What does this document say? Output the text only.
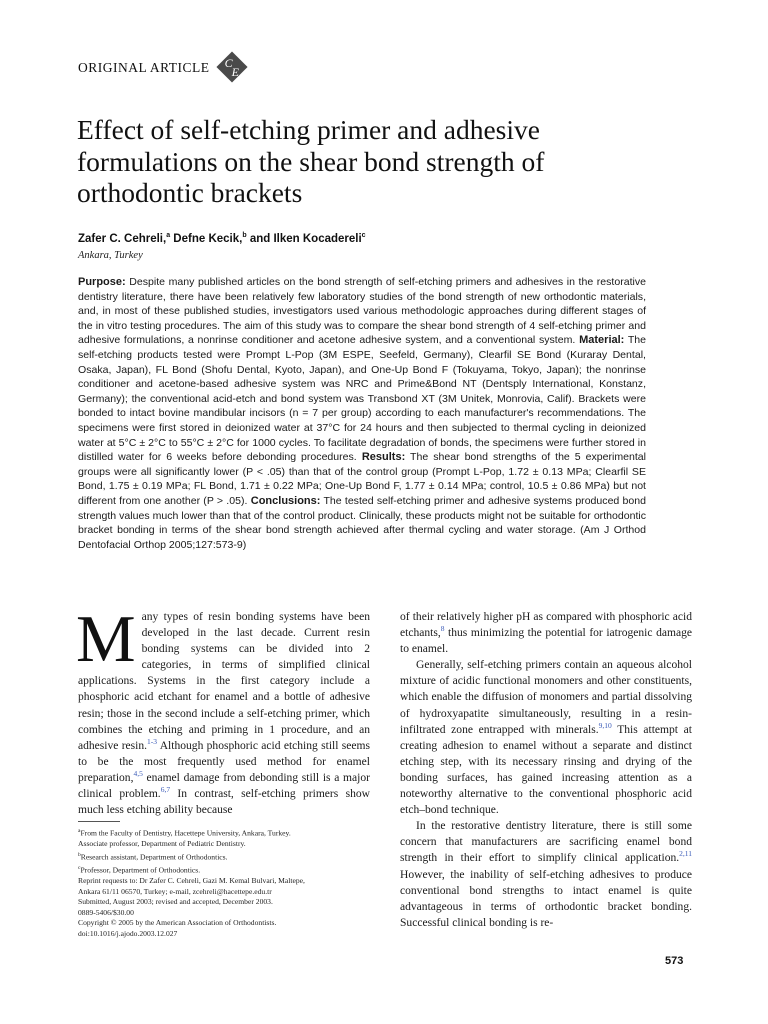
ORIGINAL ARTICLE C
E
Effect of self-etching primer and adhesive formulations on the shear bond strength of orthodontic brackets
Zafer C. Cehreli,$^a$ Defne Kecik,$^b$ and Ilken Kocadereli$^c$
Ankara, Turkey

Purpose: Despite many published articles on the bond strength of self-etching primers and adhesives in the restorative dentistry literature, there have been relatively few laboratory studies of the bond strength of new orthodontic materials, and, in most of these published studies, investigators used various methodologic approaches during different stages of the in vitro testing procedures. The aim of this study was to compare the shear bond strength of 4 self-etching primer and adhesive formulations, a nonrinse conditioner and acetone adhesive system, and a conventional system. Material: The self-etching products tested were Prompt L-Pop (3M ESPE, Seefeld, Germany), Clearfil SE Bond (Kuraray Dental, Osaka, Japan), FL Bond (Shofu Dental, Kyoto, Japan), and One-Up Bond F (Tokuyama, Tokyo, Japan); the nonrinse conditioner and acetone-based adhesive system was NRC and Prime&Bond NT (Dentsply International, Konstanz, Germany); the conventional acid-etch and bond system was Transbond XT (3M Unitek, Monrovia, Calif). Brackets were bonded to intact bovine mandibular incisors (n = 7 per group) according to each manufacturer's recommendations. The specimens were first stored in deionized water at 37°C for 24 hours and then subjected to thermal cycling in deionized water at 5°C ± 2°C to 55°C ± 2°C for 1000 cycles. To facilitate degradation of bonds, the specimens were further stored in distilled water for 6 weeks before debonding procedures. Results: The shear bond strengths of the 5 experimental groups were all significantly lower (P < .05) than that of the control group (Prompt L-Pop, 1.72 ± 0.13 MPa; Clearfil SE Bond, 1.75 ± 0.19 MPa; FL Bond, 1.71 ± 0.22 MPa; One-Up Bond F, 1.77 ± 0.14 MPa; control, 10.5 ± 0.86 MPa) but not different from one another (P > .05). Conclusions: The tested self-etching primer and adhesive systems produced bond strength values much lower than that of the control product. Clinically, these products might not be suitable for orthodontic bracket bonding in terms of the shear bond strength achieved after thermal cycling and water storage. (Am J Orthod Dentofacial Orthop 2005;127:573-9)

Many types of resin bonding systems have been developed in the last decade. Current resin bonding systems can be divided into 2 categories, in terms of simplified clinical applications. Systems in the first category include a phosphoric acid etchant for enamel and a bottle of adhesive resin; those in the second include a self-etching primer, which combines the etching and priming in 1 procedure, and an adhesive resin.$^{1-3}$ Although phosphoric acid etching still seems to be the most frequently used method for enamel preparation,$^{4,5}$ enamel damage from debonding still is a major clinical problem.$^{6,7}$ In contrast, self-etching primers show much less etching ability because

$^a$From the Faculty of Dentistry, Hacettepe University, Ankara, Turkey.
Associate professor, Department of Pediatric Dentistry.
$^b$Research assistant, Department of Orthodontics.
$^c$Professor, Department of Orthodontics.
Reprint requests to: Dr Zafer C. Cehreli, Gazi M. Kemal Bulvari, Maltepe,
Ankara 61/11 06570, Turkey; e-mail, zcehreli@hacettepe.edu.tr
Submitted, August 2003; revised and accepted, December 2003.
0889-5406/$30.00
Copyright © 2005 by the American Association of Orthodontists.
doi:10.1016/j.ajodo.2003.12.027

of their relatively higher pH as compared with phosphoric acid etchants,$^8$ thus minimizing the potential for iatrogenic damage to enamel.

Generally, self-etching primers contain an aqueous alcohol mixture of acidic functional monomers and other constituents, which enable the diffusion of monomers and partial dissolving of hydroxyapatite simultaneously, resulting in a resin-infiltrated zone entrapped with minerals.$^{9,10}$ This attempt at creating adhesion to enamel without a separate and distinct etching step, with its necessary rinsing and drying of the bonding surfaces, has gained increasing attention as a noteworthy alternative to the conventional phosphoric acid etch–bond technique.

In the restorative dentistry literature, there is still some concern that manufacturers are sacrificing enamel bond strength in their effort to simplify clinical application.$^{2,11}$ However, the inability of self-etching adhesives to produce conventional bond strengths to intact enamel is quite advantageous in terms of orthodontic bracket bonding. Successful clinical bonding is re-

573
